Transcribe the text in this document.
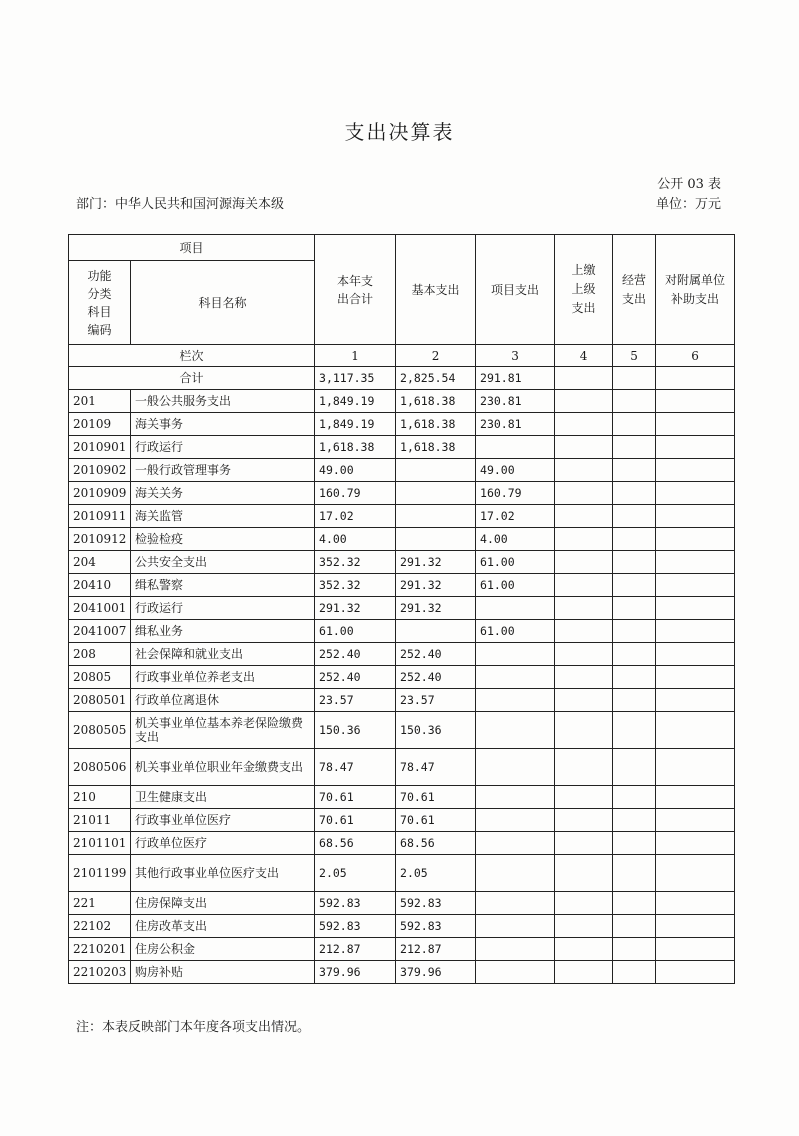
支出决算表
公开 03 表
部门：中华人民共和国河源海关本级	单位：万元
项目		本年支出合计	基本支出	项目支出	上缴上级支出	经营支出	对附属单位补助支出

功能分类科目编码	科目名称						
栏次		1	2	3	4	5	6
合计		3,117.35	2,825.54	291.81			
201	一般公共服务支出	1,849.19	1,618.38	230.81			
20109	海关事务	1,849.19	1,618.38	230.81			
2010901	行政运行	1,618.38	1,618.38				
2010902	一般行政管理事务	49.00		49.00			
2010909	海关关务	160.79		160.79			
2010911	海关监管	17.02		17.02			
2010912	检验检疫	4.00		4.00			
204	公共安全支出	352.32	291.32	61.00			
20410	缉私警察	352.32	291.32	61.00			
2041001	行政运行	291.32	291.32				
2041007	缉私业务	61.00		61.00			
208	社会保障和就业支出	252.40	252.40				
20805	行政事业单位养老支出	252.40	252.40				
2080501	行政单位离退休	23.57	23.57				
2080505	机关事业单位基本养老保险缴费支出	150.36	150.36				
2080506	机关事业单位职业年金缴费支出	78.47	78.47				
210	卫生健康支出	70.61	70.61				
21011	行政事业单位医疗	70.61	70.61				
2101101	行政单位医疗	68.56	68.56				
2101199	其他行政事业单位医疗支出	2.05	2.05				
221	住房保障支出	592.83	592.83				
22102	住房改革支出	592.83	592.83				
2210201	住房公积金	212.87	212.87				
2210203	购房补贴	379.96	379.96				
注：本表反映部门本年度各项支出情况。
